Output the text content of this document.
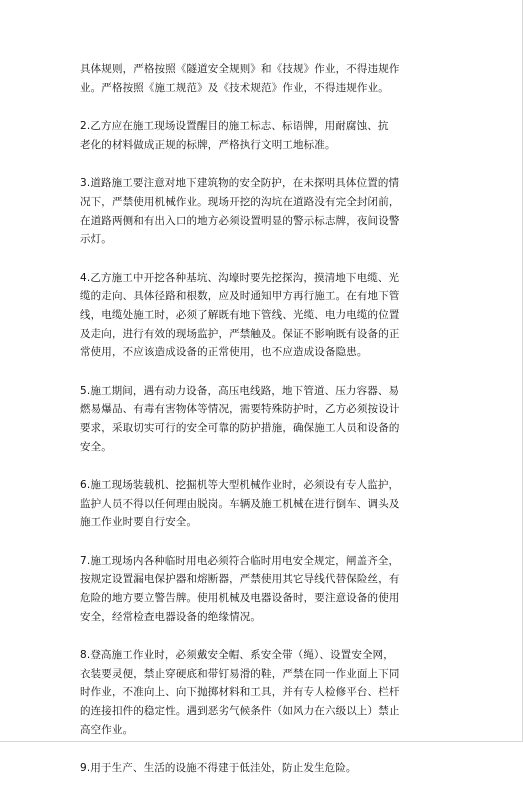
具体规则，严格按照《隧道安全规则》和《技规》作业，不得违规作
业。严格按照《施工规范》及《技术规范》作业，不得违规作业。

2.乙方应在施工现场设置醒目的施工标志、标语牌，用耐腐蚀、抗
老化的材料做成正规的标牌，严格执行文明工地标准。

3.道路施工要注意对地下建筑物的安全防护，在未探明具体位置的情
况下，严禁使用机械作业。现场开挖的沟坑在道路没有完全封闭前，
在道路两侧和有出入口的地方必须设置明显的警示标志牌，夜间设警
示灯。

4.乙方施工中开挖各种基坑、沟壕时要先挖探沟，摸清地下电缆、光
缆的走向、具体径路和根数，应及时通知甲方再行施工。在有地下管
线，电缆处施工时，必须了解既有地下管线、光缆、电力电缆的位置
及走向，进行有效的现场监护，严禁触及。保证不影响既有设备的正
常使用，不应该造成设备的正常使用，也不应造成设备隐患。

5.施工期间，遇有动力设备，高压电线路，地下管道、压力容器、易
燃易爆品、有毒有害物体等情况，需要特殊防护时，乙方必须按设计
要求，采取切实可行的安全可靠的防护措施，确保施工人员和设备的
安全。

6.施工现场装载机、挖掘机等大型机械作业时，必须设有专人监护，
监护人员不得以任何理由脱岗。车辆及施工机械在进行倒车、调头及
施工作业时要自行安全。

7.施工现场内各种临时用电必须符合临时用电安全规定，闸盖齐全，
按规定设置漏电保护器和熔断器，严禁使用其它导线代替保险丝，有
危险的地方要立警告牌。使用机械及电器设备时，要注意设备的使用
安全，经常检查电器设备的绝缘情况。

8.登高施工作业时，必须戴安全帽、系安全带（绳）、设置安全网，
衣装要灵便，禁止穿硬底和带钉易滑的鞋，严禁在同一作业面上下同
时作业，不准向上、向下抛掷材料和工具，并有专人检修平台、栏杆
的连接扣件的稳定性。遇到恶劣气候条件（如风力在六级以上）禁止
高空作业。

9.用于生产、生活的设施不得建于低洼处，防止发生危险。
